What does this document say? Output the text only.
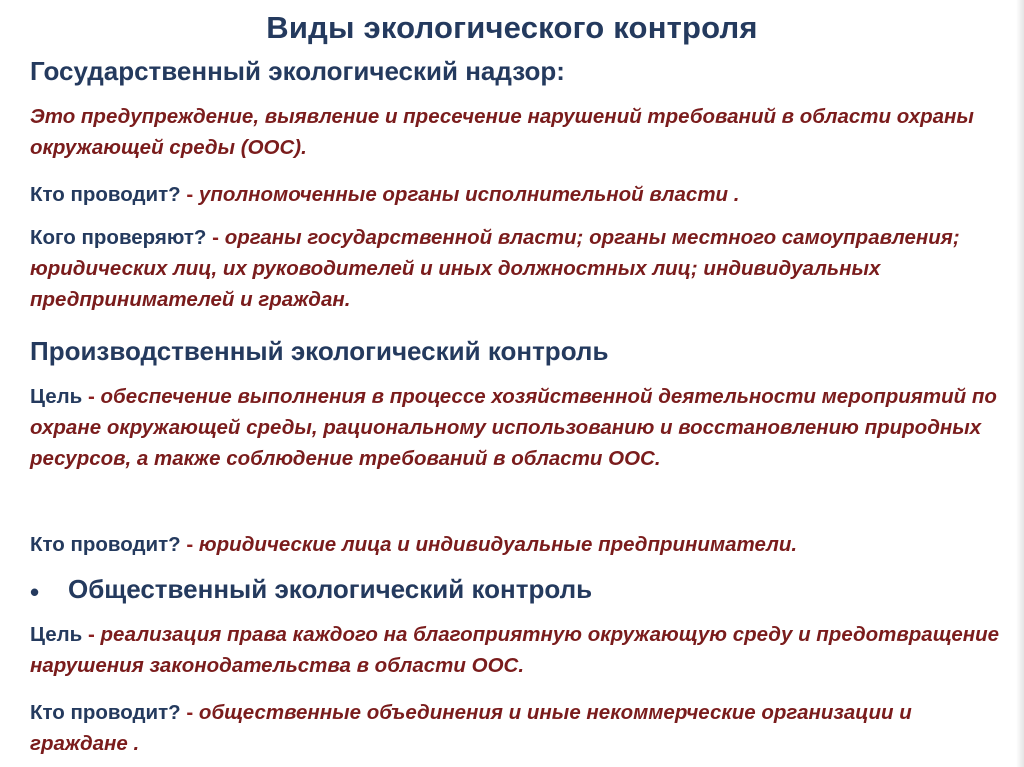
Виды экологического контроля
Государственный экологический надзор:

Это предупреждение, выявление и пресечение нарушений требований в области охраны окружающей среды (ООС).

Кто проводит? - уполномоченные органы исполнительной власти .

Кого проверяют? - органы государственной власти; органы местного самоуправления; юридических лиц, их руководителей и иных должностных лиц; индивидуальных предпринимателей и граждан.

Производственный экологический контроль

Цель - обеспечение выполнения в процессе хозяйственной деятельности мероприятий по охране окружающей среды, рациональному использованию и восстановлению природных ресурсов, а также соблюдение требований в области ООС.

Кто проводит? - юридические лица и индивидуальные предприниматели.

• Общественный экологический контроль

Цель - реализация права каждого на благоприятную окружающую среду и предотвращение нарушения законодательства в области ООС.

Кто проводит? - общественные объединения и иные некоммерческие организации и граждане .
